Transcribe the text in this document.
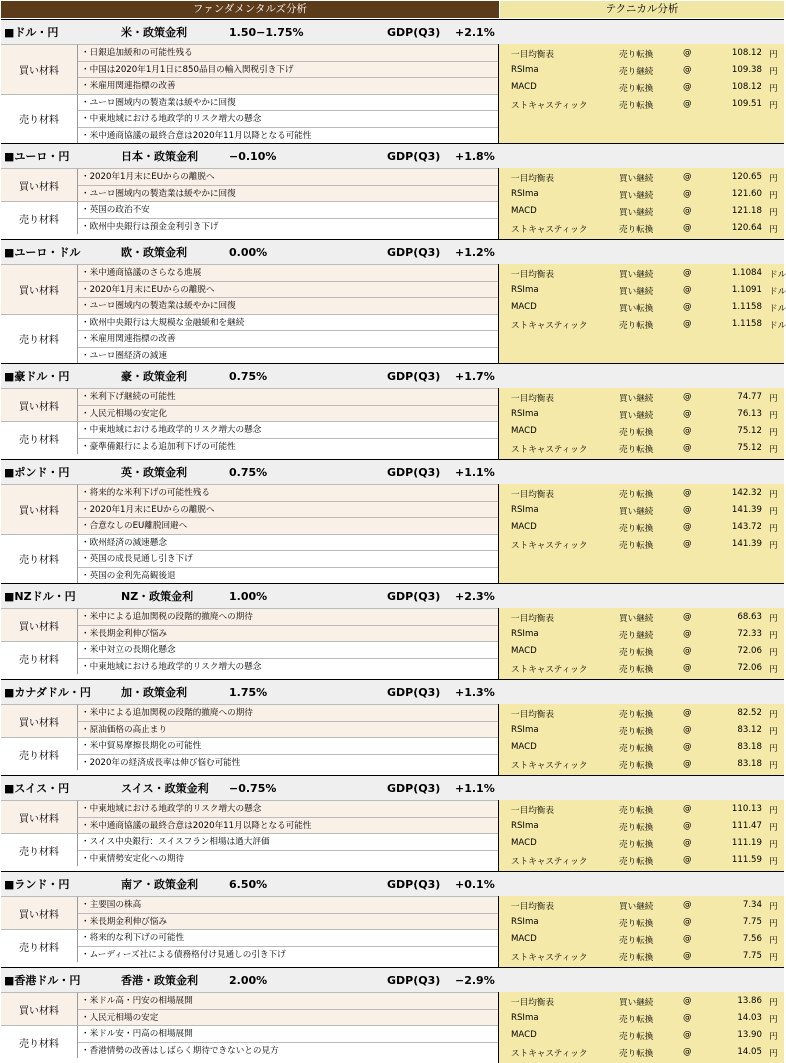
ファンダメンタルズ分析	テクニカル分析
■ドル・円	米・政策金利	1.50−1.75%	GDP(Q3) +2.1%
買い材料
・日銀追加緩和の可能性残る
・中国は2020年1月1日に850品目の輸入関税引き下げ
・米雇用関連指標の改善
売り材料
・ユーロ圏域内の製造業は緩やかに回復
・中東地域における地政学的リスク増大の懸念
・米中通商協議の最終合意は2020年11月以降となる可能性
一目均衡表	売り転換	@	108.12 円
RSIma	売り継続	@	109.38 円
MACD	売り転換	@	108.12 円
ストキャスティック	売り転換	@	109.51 円
■ユーロ・円	日本・政策金利	−0.10%	GDP(Q3) +1.8%
買い材料
・2020年1月末にEUからの離脱へ
・ユーロ圏域内の製造業は緩やかに回復
売り材料
・英国の政治不安
・欧州中央銀行は預金金利引き下げ
一目均衡表	買い継続	@	120.65 円
RSIma	買い継続	@	121.60 円
MACD	買い継続	@	121.18 円
ストキャスティック	売り転換	@	120.64 円
■ユーロ・ドル	欧・政策金利	0.00%	GDP(Q3) +1.2%
買い材料
・米中通商協議のさらなる進展
・2020年1月末にEUからの離脱へ
・ユーロ圏域内の製造業は緩やかに回復
売り材料
・欧州中央銀行は大規模な金融緩和を継続
・米雇用関連指標の改善
・ユーロ圏経済の減速
一目均衡表	買い継続	@	1.1084 ドル
RSIma	買い継続	@	1.1091 ドル
MACD	買い転換	@	1.1158 ドル
ストキャスティック	売り転換	@	1.1158 ドル
■豪ドル・円	豪・政策金利	0.75%	GDP(Q3) +1.7%
買い材料
・米利下げ継続の可能性
・人民元相場の安定化
売り材料
・中東地域における地政学的リスク増大の懸念
・豪準備銀行による追加利下げの可能性
一目均衡表	買い継続	@	74.77 円
RSIma	買い継続	@	76.13 円
MACD	売り転換	@	75.12 円
ストキャスティック	売り転換	@	75.12 円
■ポンド・円	英・政策金利	0.75%	GDP(Q3) +1.1%
買い材料
・将来的な米利下げの可能性残る
・2020年1月末にEUからの離脱へ
・合意なしのEU離脱回避へ
売り材料
・欧州経済の減速懸念
・英国の成長見通し引き下げ
・英国の金利先高観後退
一目均衡表	売り転換	@	142.32 円
RSIma	買い継続	@	141.39 円
MACD	売り転換	@	143.72 円
ストキャスティック	売り転換	@	141.39 円
■NZドル・円	NZ・政策金利	1.00%	GDP(Q3) +2.3%
買い材料
・米中による追加関税の段階的撤廃への期待
・米長期金利伸び悩み
売り材料
・米中対立の長期化懸念
・中東地域における地政学的リスク増大の懸念
一目均衡表	買い継続	@	68.63 円
RSIma	売り継続	@	72.33 円
MACD	売り転換	@	72.06 円
ストキャスティック	売り転換	@	72.06 円
■カナダドル・円	加・政策金利	1.75%	GDP(Q3) +1.3%
買い材料
・米中による追加関税の段階的撤廃への期待
・原油価格の高止まり
売り材料
・米中貿易摩擦長期化の可能性
・2020年の経済成長率は伸び悩む可能性
一目均衡表	売り転換	@	82.52 円
RSIma	売り転換	@	83.12 円
MACD	売り転換	@	83.18 円
ストキャスティック	売り転換	@	83.18 円
■スイス・円	スイス・政策金利 −0.75%	GDP(Q3) +1.1%
買い材料
・中東地域における地政学的リスク増大の懸念
・米中通商協議の最終合意は2020年11月以降となる可能性
売り材料
・スイス中央銀行：スイスフラン相場は過大評価
・中東情勢安定化への期待
一目均衡表	売り転換	@	110.13 円
RSIma	売り転換	@	111.47 円
MACD	売り転換	@	111.19 円
ストキャスティック	売り転換	@	111.59 円
■ランド・円	南ア・政策金利	6.50%	GDP(Q3) +0.1%
買い材料
・主要国の株高
・米長期金利伸び悩み
売り材料
・将来的な利下げの可能性
・ムーディーズ社による債務格付け見通しの引き下げ
一目均衡表	買い継続	@	7.34 円
RSIma	売り転換	@	7.75 円
MACD	売り転換	@	7.56 円
ストキャスティック	売り転換	@	7.75 円
■香港ドル・円	香港・政策金利	2.00%	GDP(Q3) −2.9%
買い材料
・米ドル高・円安の相場展開
・人民元相場の安定
売り材料
・米ドル安・円高の相場展開
・香港情勢の改善はしばらく期待できないとの見方
一目均衡表	買い継続	@	13.86 円
RSIma	売り転換	@	14.03 円
MACD	売り転換	@	13.90 円
ストキャスティック	売り転換	@	14.05 円
